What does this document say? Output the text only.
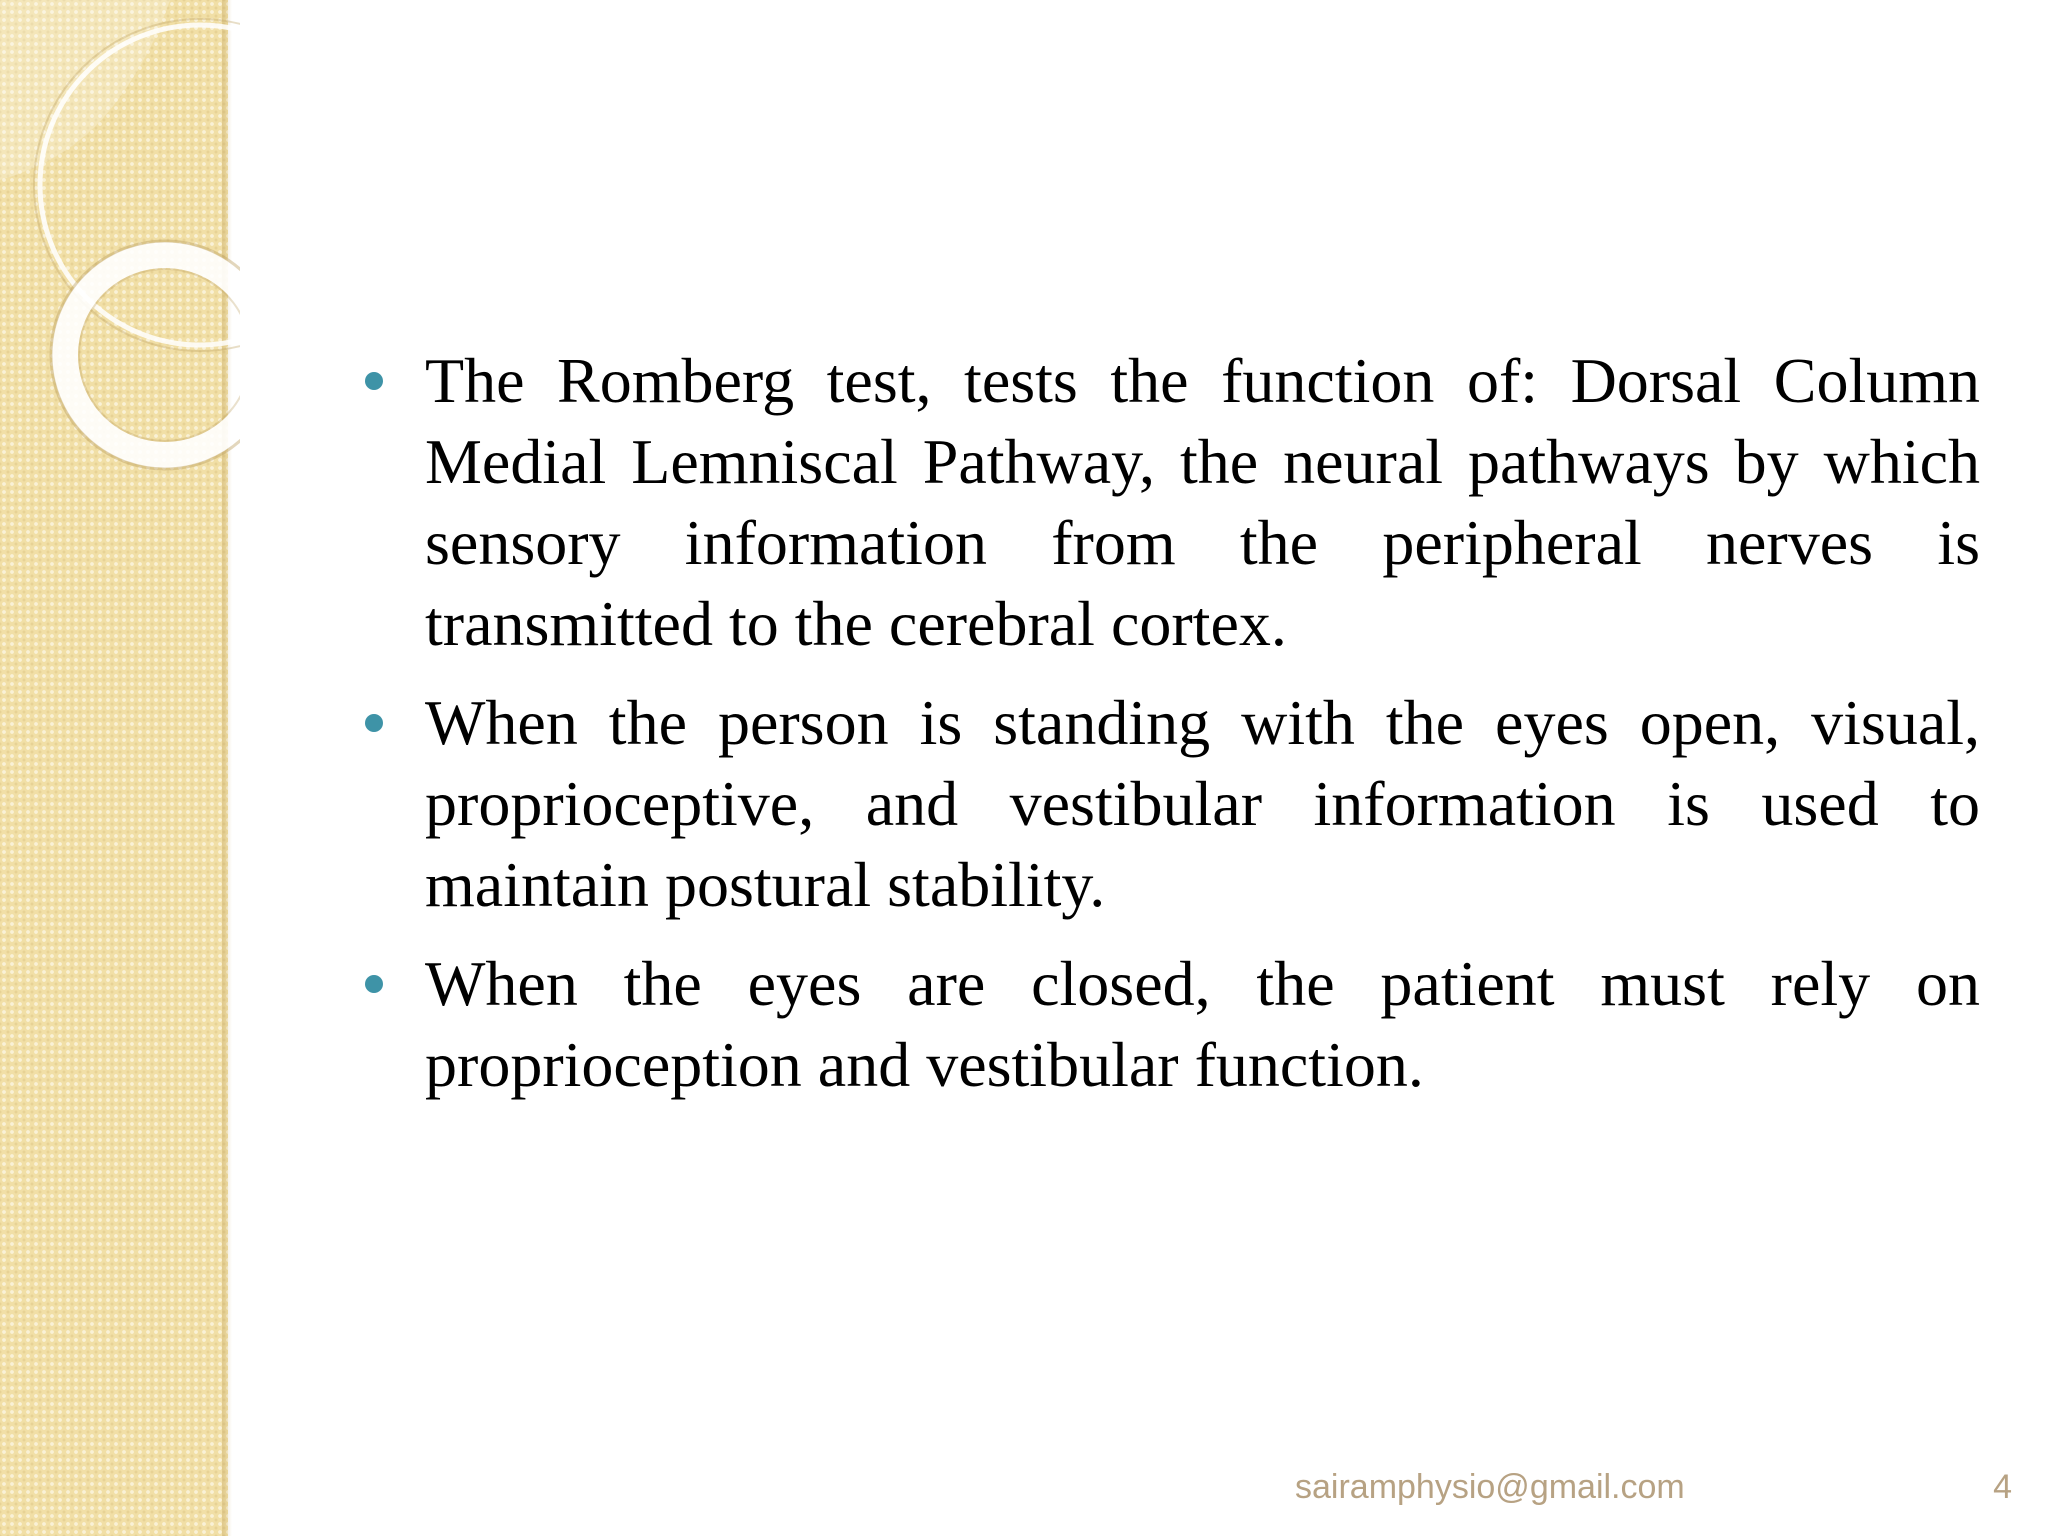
The Romberg test, tests the function of: Dorsal Column Medial Lemniscal Pathway, the neural pathways by which sensory information from the peripheral nerves is transmitted to the cerebral cortex.
When the person is standing with the eyes open, visual, proprioceptive, and vestibular information is used to maintain postural stability.
When the eyes are closed, the patient must rely on proprioception and vestibular function.
sairamphysio@gmail.com	4
